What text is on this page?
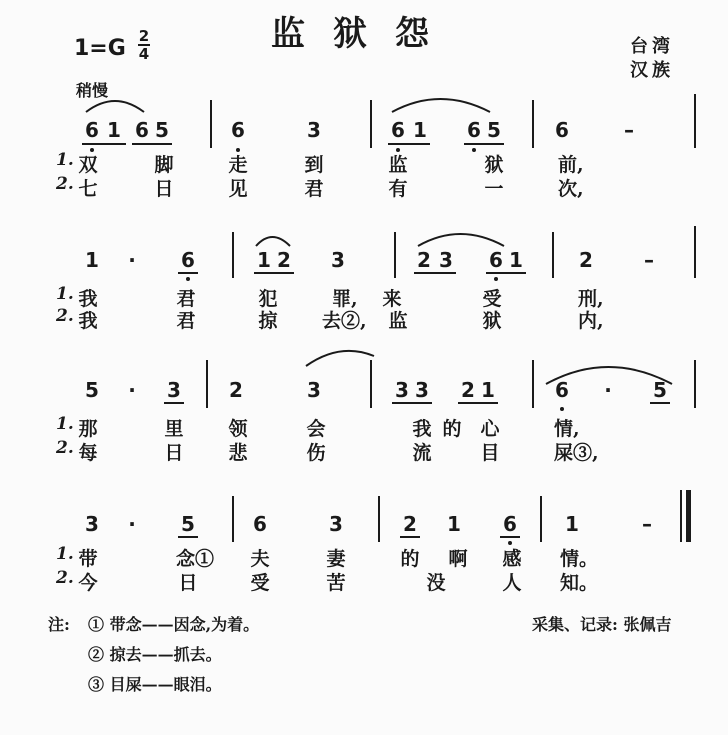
监狱怨
1=G 2
4	台湾
汉族
稍慢
6 1 6 5	6	3	6 1 6 5	6	–
1.
2.
双	脚	走	到	监	狱	前,
七	日	见	君	有	一	次,
1	·	6	1 2 3	2 3 6 1	2	–
1.
2.
我	君	犯	罪,	来	受	刑,
我	君	掠 去②,	监	狱	内,
5	·	3 2	3	3 3 2 1	6	·	5
1.
2.
那	里 领	会	我 的 心	情,
每	日 悲	伤	流	目	屎③,
3	·	5	6	3	2 1 6 1	–
1.
2.
带	念①	夫	妻	的 啊 感 情。
今	日	受	苦	没	人 知。
注: ① 带念——因念,为着。
② 掠去——抓去。
③ 目屎——眼泪。
采集、记录: 张佩吉
